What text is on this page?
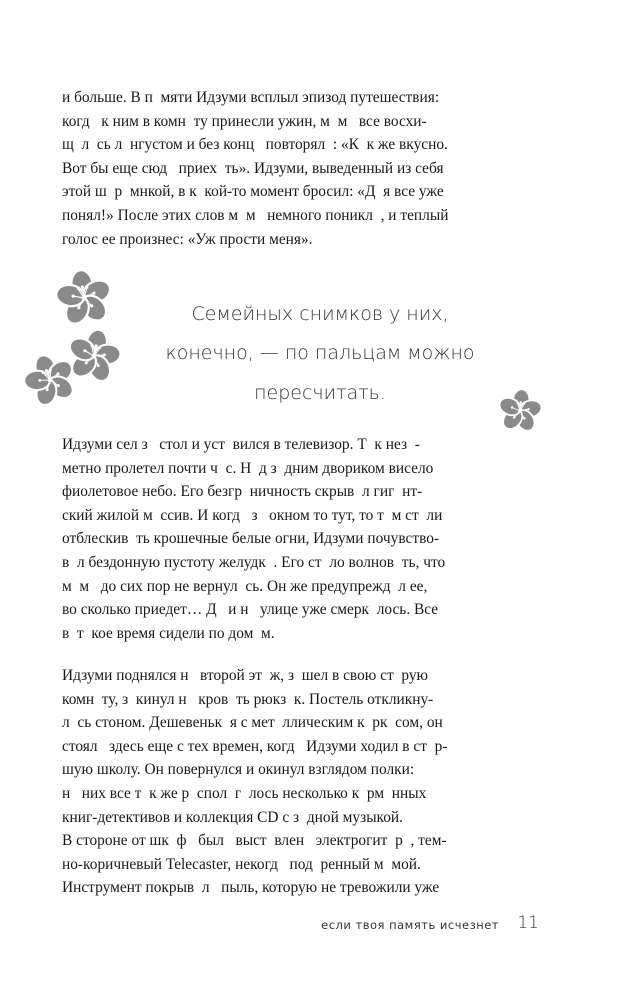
и больше. В п  мяти Идзуми всплыл эпизод путешествия:
когд   к ним в комн  ту принесли ужин, м  м   все восхи-
щ  л  сь л  нгустом и без конц   повторял  : «К  к же вкусно.
Вот бы еще сюд   приех  ть». Идзуми, выведенный из себя
этой ш  р  мнкой, в к  кой-то момент бросил: «Д  я все уже
понял!» После этих слов м  м   немного поникл  , и теплый
голос ее произнес: «Уж прости меня».
Семейных снимков у них,
конечно, — по пальцам можно
пересчитать.
Идзуми сел з   стол и уст  вился в телевизор. Т  к нез  -
метно пролетел почти ч  с. Н  д з  дним двориком висело
фиолетовое небо. Его безгр  ничность скрыв  л гиг  нт-
ский жилой м  ссив. И когд   з   окном то тут, то т  м ст  ли
отблескив  ть крошечные белые огни, Идзуми почувство-
в  л бездонную пустоту желудк  . Его ст  ло волнов  ть, что
м  м   до сих пор не вернул  сь. Он же предупрежд  л ее,
во сколько приедет… Д   и н   улице уже смерк  лось. Все
в  т  кое время сидели по дом  м.
Идзуми поднялся н   второй эт  ж, з  шел в свою ст  рую
комн  ту, з  кинул н   кров  ть рюкз  к. Постель откликну-
л  сь стоном. Дешевеньк  я с мет  ллическим к  рк  сом, он
стоял   здесь еще с тех времен, когд   Идзуми ходил в ст  р-
шую школу. Он повернулся и окинул взглядом полки:
н   них все т  к же р  спол  г  лось несколько к  рм  нных
книг-детективов и коллекция CD с з  дной музыкой.
В стороне от шк  ф   был   выст  влен   электрогит  р  , тем-
но-коричневый Telecaster, некогд   под  ренный м  мой.
Инструмент покрыв  л   пыль, которую не тревожили уже
если твоя память исчезнет 11
